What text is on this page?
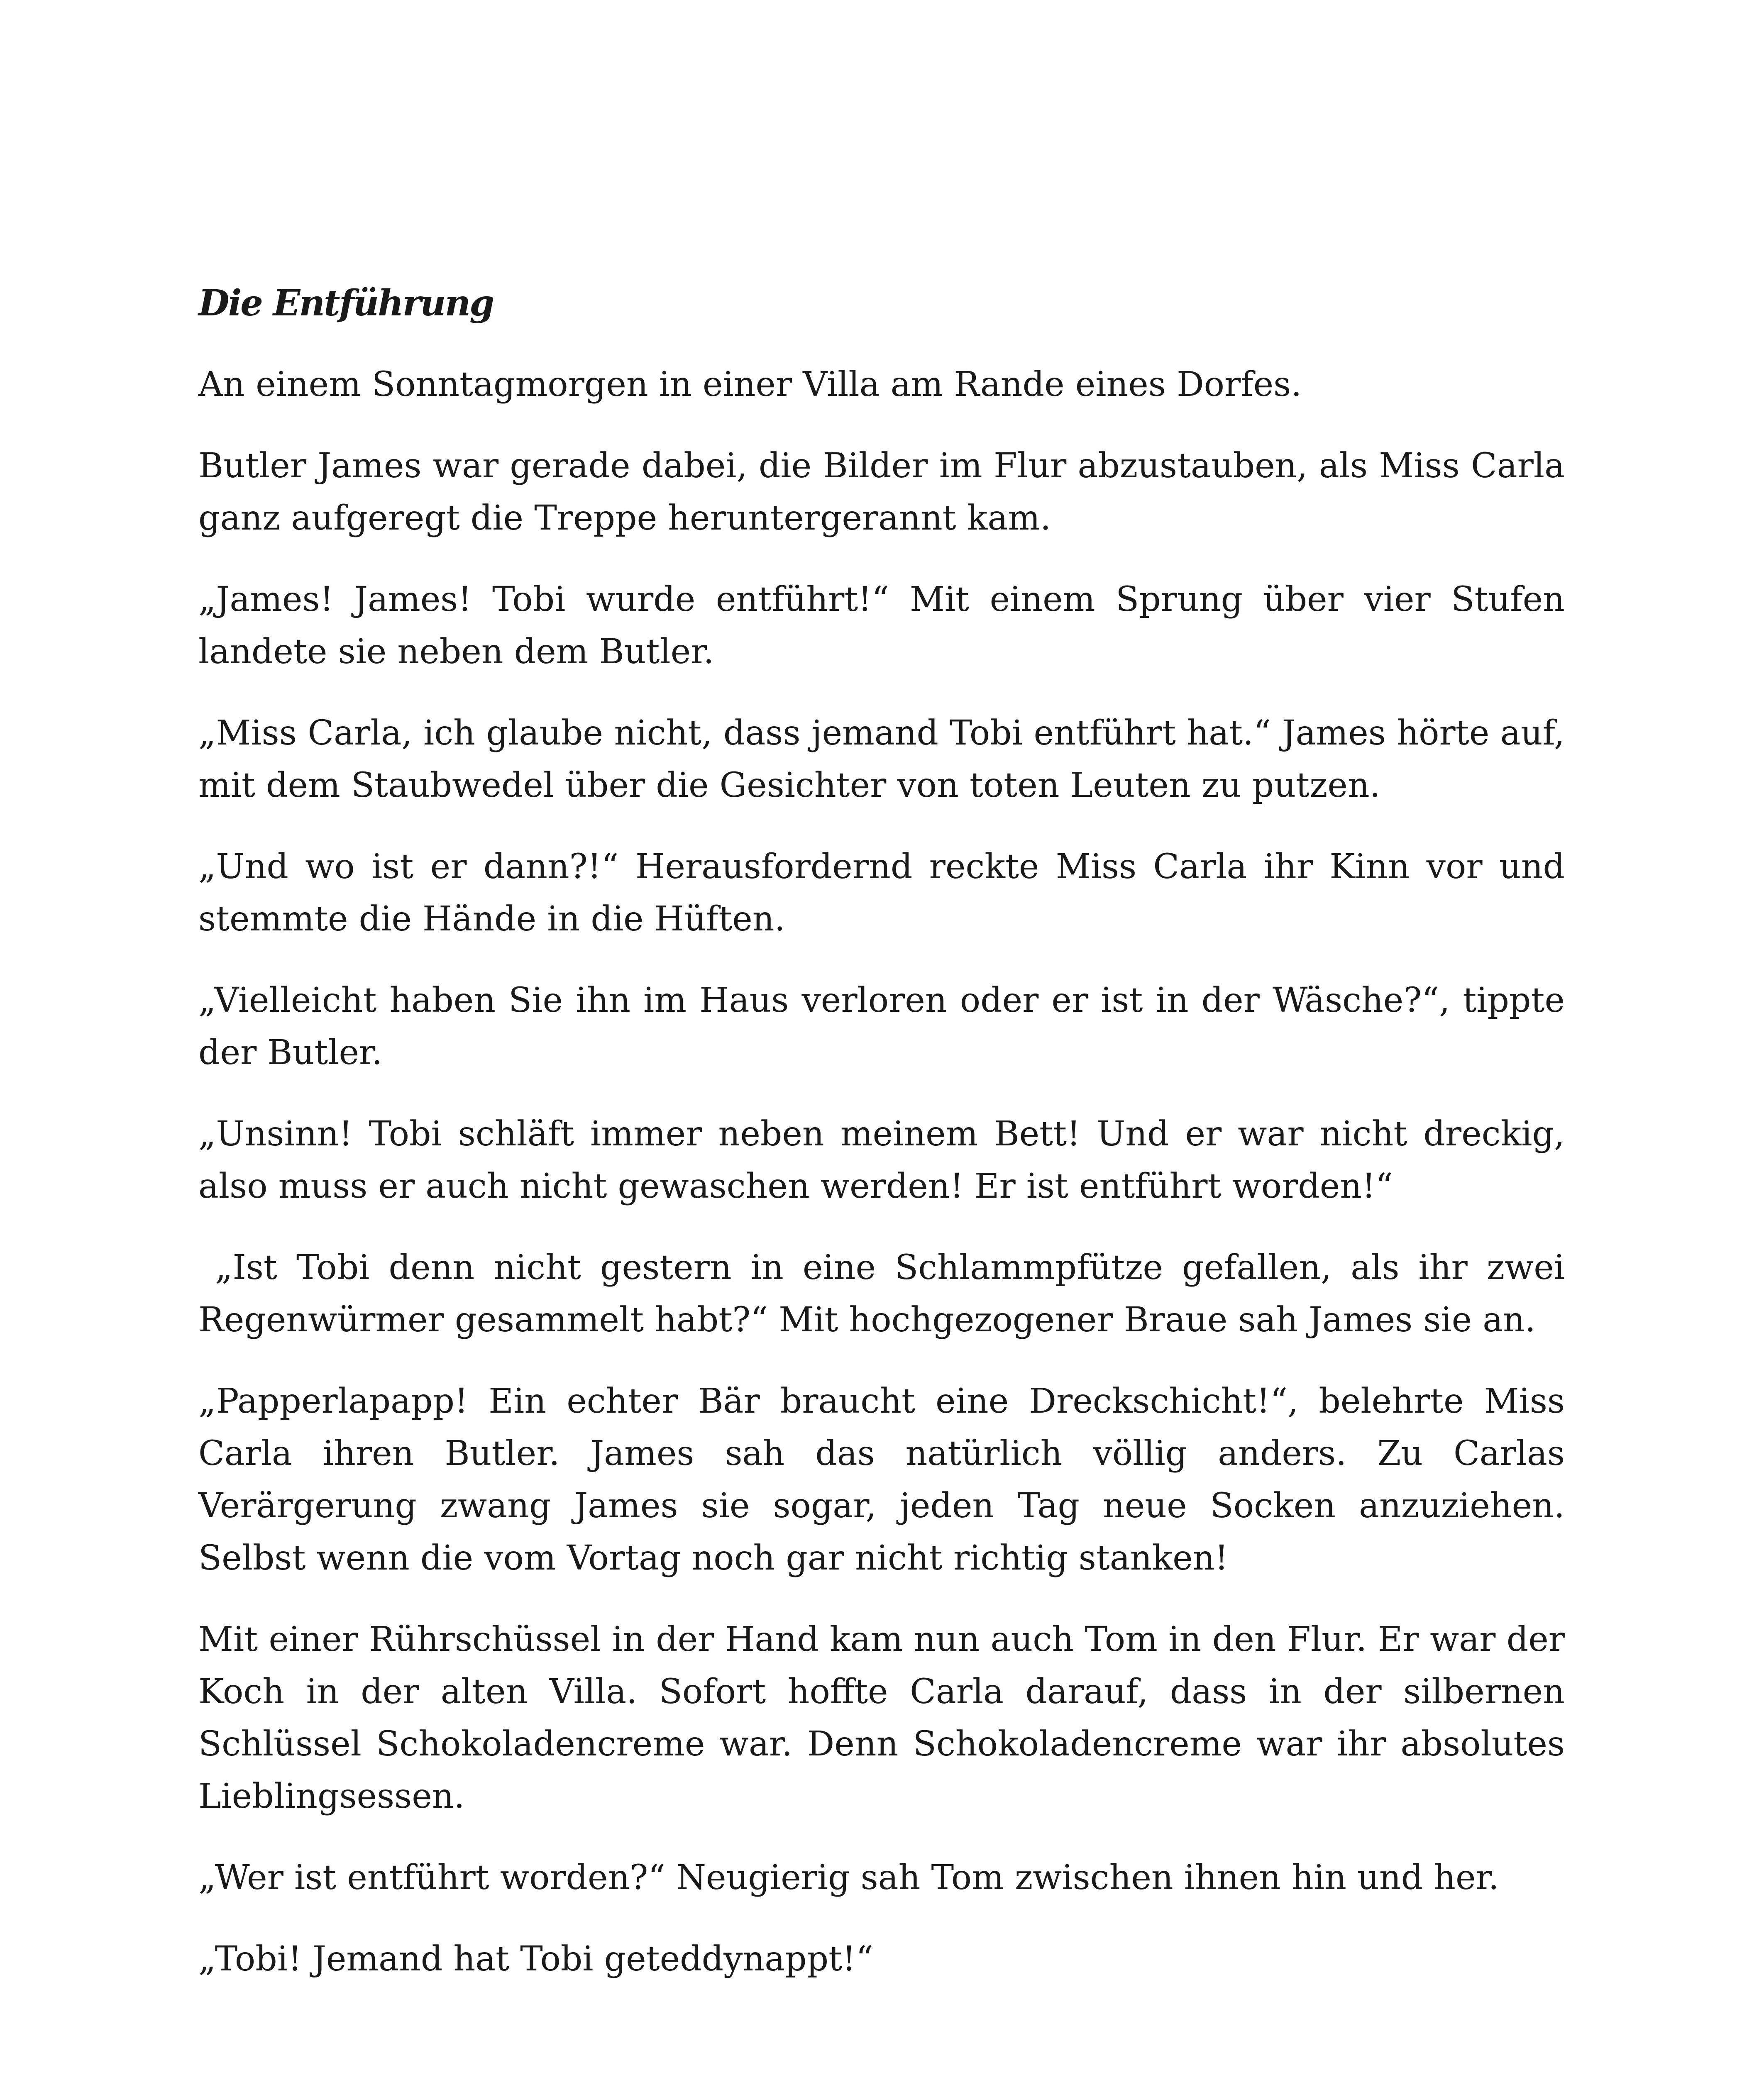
Die Entführung

An einem Sonntagmorgen in einer Villa am Rande eines Dorfes.

Butler James war gerade dabei, die Bilder im Flur abzustauben, als Miss Carla ganz aufgeregt die Treppe heruntergerannt kam.

„James! James! Tobi wurde entführt!“ Mit einem Sprung über vier Stufen landete sie neben dem Butler.

„Miss Carla, ich glaube nicht, dass jemand Tobi entführt hat.“ James hörte auf, mit dem Staubwedel über die Gesichter von toten Leuten zu putzen.

„Und wo ist er dann?!“ Herausfordernd reckte Miss Carla ihr Kinn vor und stemmte die Hände in die Hüften.

„Vielleicht haben Sie ihn im Haus verloren oder er ist in der Wäsche?“, tippte der Butler.

„Unsinn! Tobi schläft immer neben meinem Bett! Und er war nicht dreckig, also muss er auch nicht gewaschen werden! Er ist entführt worden!“

„Ist Tobi denn nicht gestern in eine Schlammpfütze gefallen, als ihr zwei Regenwürmer gesammelt habt?“ Mit hochgezogener Braue sah James sie an.

„Papperlapapp! Ein echter Bär braucht eine Dreckschicht!“, belehrte Miss Carla ihren Butler. James sah das natürlich völlig anders. Zu Carlas Verärgerung zwang James sie sogar, jeden Tag neue Socken anzuziehen. Selbst wenn die vom Vortag noch gar nicht richtig stanken!

Mit einer Rührschüssel in der Hand kam nun auch Tom in den Flur. Er war der Koch in der alten Villa. Sofort hoffte Carla darauf, dass in der silbernen Schlüssel Schokoladencreme war. Denn Schokoladencreme war ihr absolutes Lieblingsessen.

„Wer ist entführt worden?“ Neugierig sah Tom zwischen ihnen hin und her.

„Tobi! Jemand hat Tobi geteddynappt!“
